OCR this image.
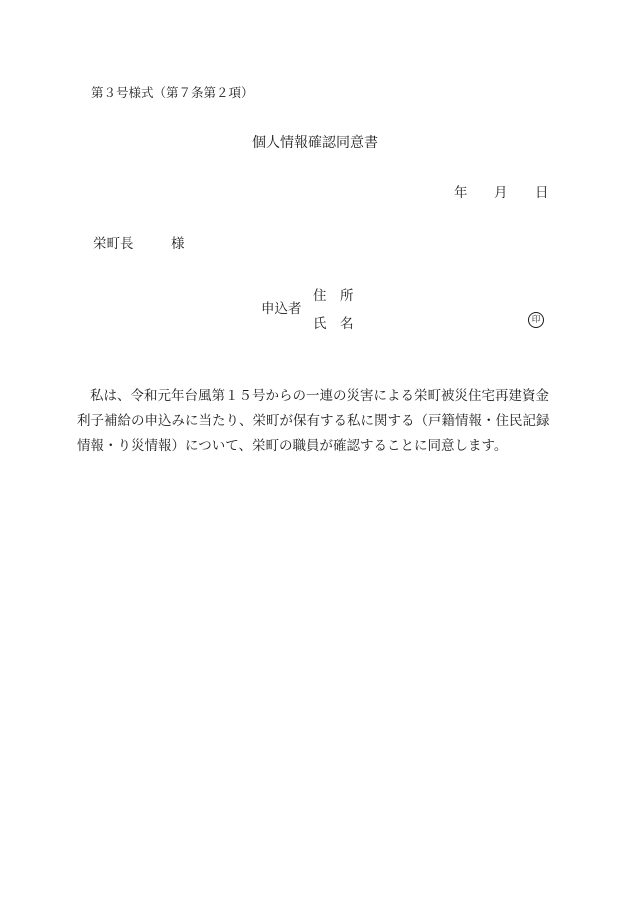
第３号様式（第７条第２項）
個人情報確認同意書
年 月 日
栄町長	様
申込者
住　所
氏　名	印
私は、令和元年台風第１５号からの一連の災害による栄町被災住宅再建資金
利子補給の申込みに当たり、栄町が保有する私に関する（戸籍情報・住民記録
情報・り災情報）について、栄町の職員が確認することに同意します。
